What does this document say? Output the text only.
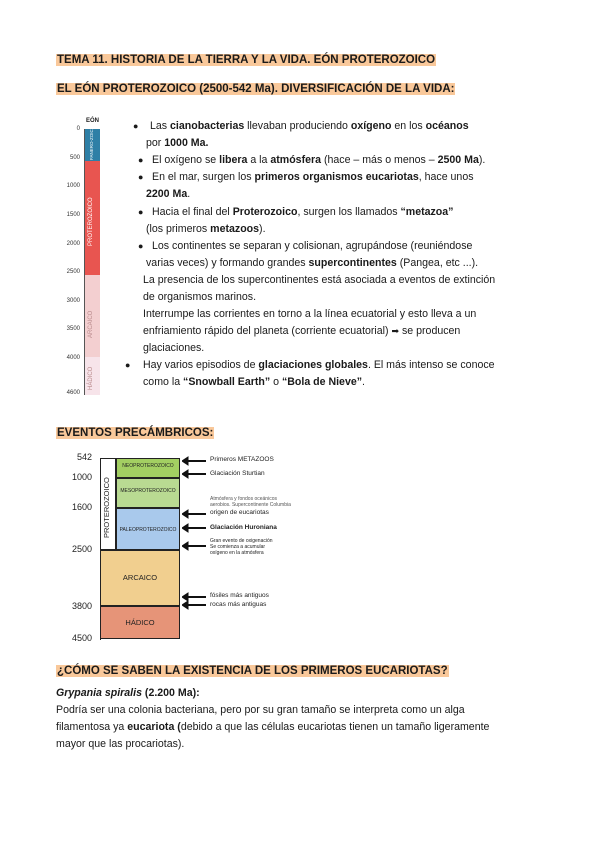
TEMA 11. HISTORIA DE LA TIERRA Y LA VIDA. EÓN PROTEROZOICO
EL EÓN PROTEROZOICO (2500-542 Ma). DIVERSIFICACIÓN DE LA VIDA:
EÓN
FANERO-ZOICO
PROTEROZOICO
ARCAICO
HÁDICO
0
500
1000
1500
2000
2500
3000
3500
4000
4600
● Las cianobacterias llevaban produciendo oxígeno en los océanos
por 1000 Ma.
● El oxígeno se libera a la atmósfera (hace – más o menos – 2500 Ma).
● En el mar, surgen los primeros organismos eucariotas, hace unos
2200 Ma.
● Hacia el final del Proterozoico, surgen los llamados “metazoa”
(los primeros metazoos).
● Los continentes se separan y colisionan, agrupándose (reuniéndose
varias veces) y formando grandes supercontinentes (Pangea, etc ...).
La presencia de los supercontinentes está asociada a eventos de extinción
de organismos marinos.
Interrumpe las corrientes en torno a la línea ecuatorial y esto lleva a un
enfriamiento rápido del planeta (corriente ecuatorial) ➡ se producen
glaciaciones.
● Hay varios episodios de glaciaciones globales. El más intenso se conoce
como la “Snowball Earth” o “Bola de Nieve”.
EVENTOS PRECÁMBRICOS:
PROTEROZOICO
NEOPROTEROZOICO
MESOPROTEROZOICO
PALEOPROTEROZOICO
ARCAICO
HÁDICO
542
1000
1600
2500
3800
4500
Primeros METAZOOS
Glaciación Sturtian
Atmósfera y fondos oceánicos
aerobios. Supercontinente Columbia
origen de eucariotas
Glaciación Huroniana
Gran evento de oxigenación
Se comienza a acumular
oxígeno en la atmósfera
fósiles más antiguos
rocas más antiguas
¿CÓMO SE SABEN LA EXISTENCIA DE LOS PRIMEROS EUCARIOTAS?
Grypania spiralis (2.200 Ma):
Podría ser una colonia bacteriana, pero por su gran tamaño se interpreta como un alga
filamentosa ya eucariota (debido a que las células eucariotas tienen un tamaño ligeramente
mayor que las procariotas).
